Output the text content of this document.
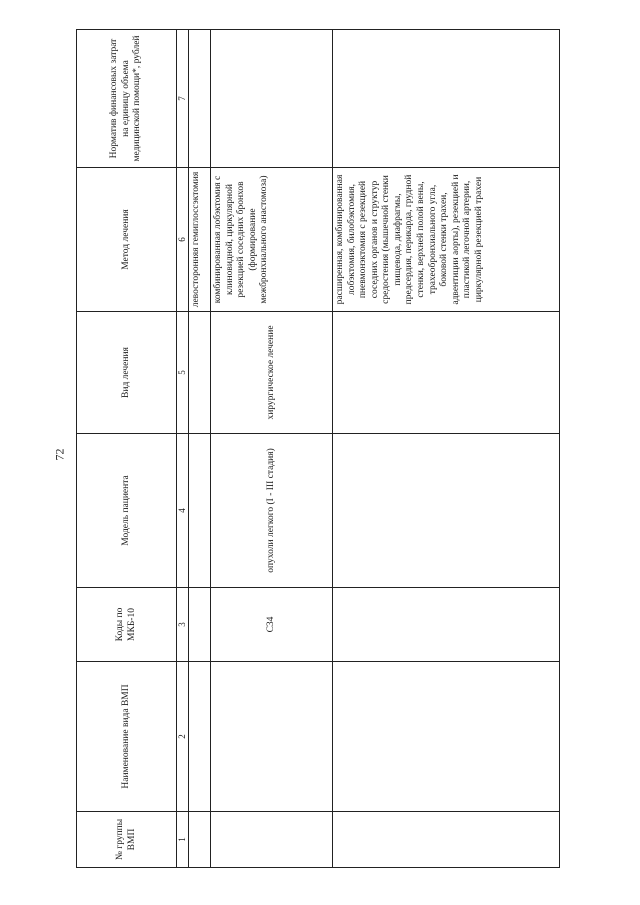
72
№ группы ВМП	Наименование вида ВМП	Коды по МКБ-10	Модель пациента	Вид лечения	Метод лечения	Норматив финансовых затрат на единицу объема медицинской помощи*, рублей
1	2	3	4	5	6	7
					левосторонняя гемиглоссэктомия	
		C34	опухоли легкого (I - III стадия)	хирургическое лечение	комбинированная лобэктомия с клиновидной, циркулярной резекцией соседних бронхов (формирование межбронхиального анастомоза)	
					расширенная, комбинированная лобэктомия, билобэктомия, пневмонэктомия с резекцией соседних органов и структур средостения (мышечной стенки пищевода, диафрагмы, предсердия, перикарда, грудной стенки, верхней полой вены, трахеобронхиального угла, боковой стенки трахеи, адвентиции аорты), резекцией и пластикой легочной артерии, циркулярной резекцией трахеи	
